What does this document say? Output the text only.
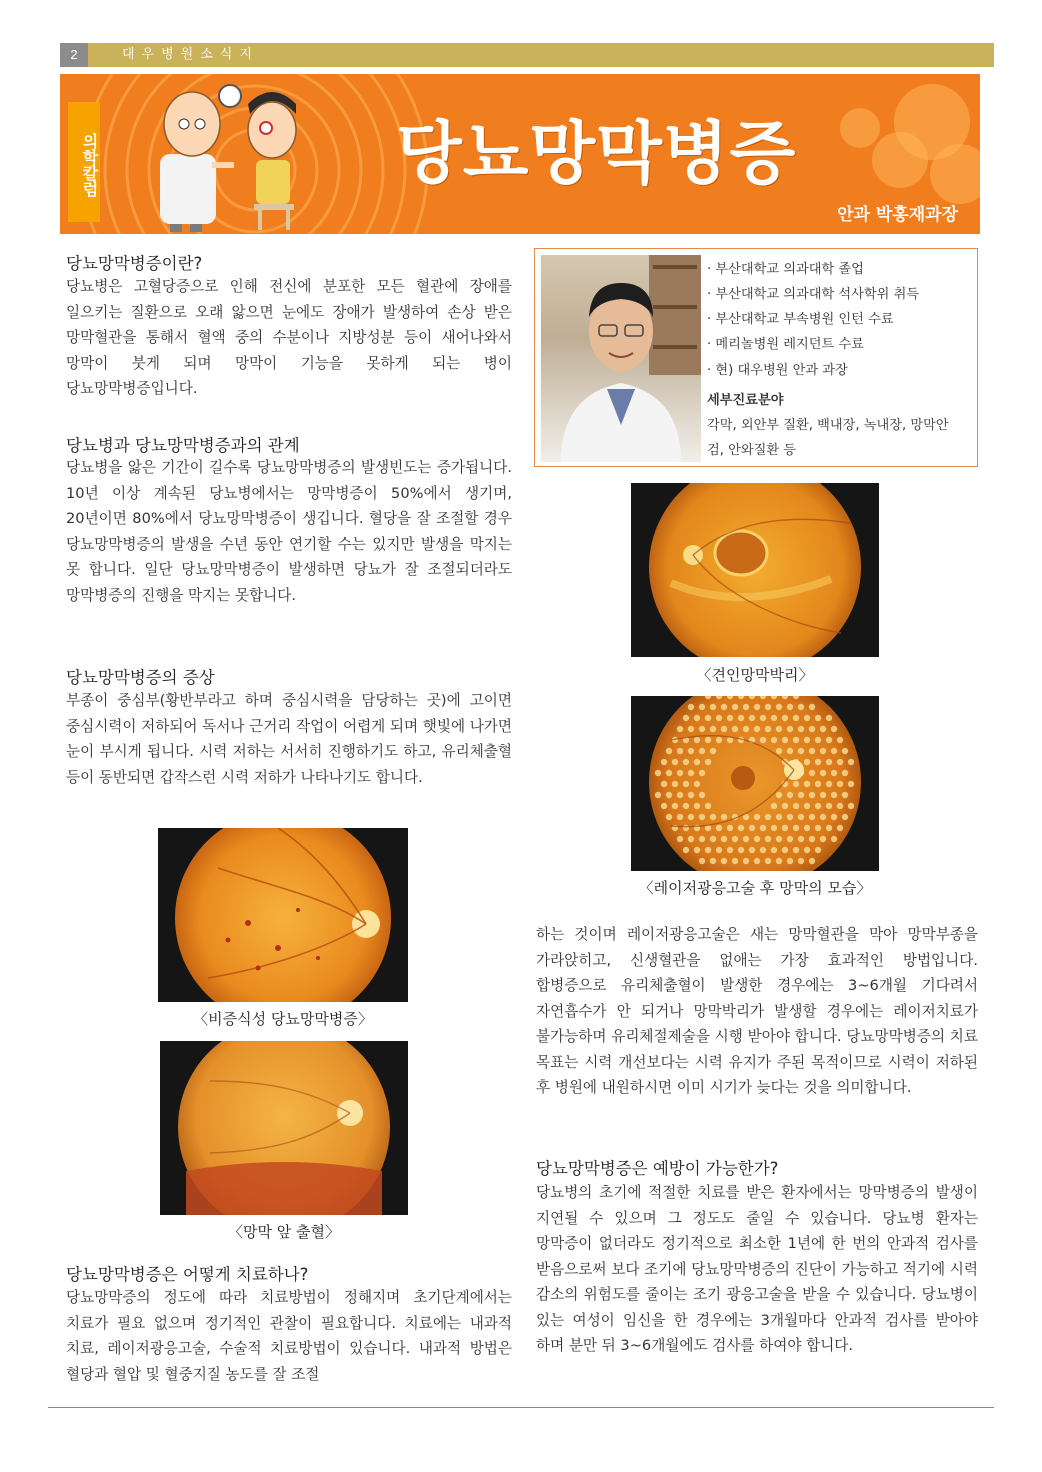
2	대우병원소식지
의학칼럼	당뇨망막병증
안과 박홍재과장
당뇨망막병증이란?
당뇨병은 고혈당증으로 인해 전신에 분포한 모든 혈관에 장애를 일으키는 질환으로 오래 앓으면 눈에도 장애가 발생하여 손상 받은 망막혈관을 통해서 혈액 중의 수분이나 지방성분 등이 새어나와서 망막이 붓게 되며 망막이 기능을 못하게 되는 병이 당뇨망막병증입니다.
당뇨병과 당뇨망막병증과의 관계
당뇨병을 앓은 기간이 길수록 당뇨망막병증의 발생빈도는 증가됩니다. 10년 이상 계속된 당뇨병에서는 망막병증이 50%에서 생기며, 20년이면 80%에서 당뇨망막병증이 생깁니다. 혈당을 잘 조절할 경우 당뇨망막병증의 발생을 수년 동안 연기할 수는 있지만 발생을 막지는 못 합니다. 일단 당뇨망막병증이 발생하면 당뇨가 잘 조절되더라도 망막병증의 진행을 막지는 못합니다.
당뇨망막병증의 증상
부종이 중심부(황반부라고 하며 중심시력을 담당하는 곳)에 고이면 중심시력이 저하되어 독서나 근거리 작업이 어렵게 되며 햇빛에 나가면 눈이 부시게 됩니다. 시력 저하는 서서히 진행하기도 하고, 유리체출혈 등이 동반되면 갑작스런 시력 저하가 나타나기도 합니다.
〈비증식성 당뇨망막병증〉
〈망막 앞 출혈〉
당뇨망막병증은 어떻게 치료하나?
당뇨망막증의 정도에 따라 치료방법이 정해지며 초기단계에서는 치료가 필요 없으며 정기적인 관찰이 필요합니다. 치료에는 내과적 치료, 레이저광응고술, 수술적 치료방법이 있습니다. 내과적 방법은 혈당과 혈압 및 혈중지질 농도를 잘 조절
· 부산대학교 의과대학 졸업
· 부산대학교 의과대학 석사학위 취득
· 부산대학교 부속병원 인턴 수료
· 메리놀병원 레지던트 수료
· 현) 대우병원 안과 과장
세부진료분야
각막, 외안부 질환, 백내장, 녹내장, 망막안검, 안와질환 등
〈견인망막박리〉
〈레이저광응고술 후 망막의 모습〉
하는 것이며 레이저광응고술은 새는 망막혈관을 막아 망막부종을 가라앉히고, 신생혈관을 없애는 가장 효과적인 방법입니다. 합병증으로 유리체출혈이 발생한 경우에는 3~6개월 기다려서 자연흡수가 안 되거나 망막박리가 발생할 경우에는 레이저치료가 불가능하며 유리체절제술을 시행 받아야 합니다. 당뇨망막병증의 치료 목표는 시력 개선보다는 시력 유지가 주된 목적이므로 시력이 저하된 후 병원에 내원하시면 이미 시기가 늦다는 것을 의미합니다.
당뇨망막병증은 예방이 가능한가?
당뇨병의 초기에 적절한 치료를 받은 환자에서는 망막병증의 발생이 지연될 수 있으며 그 정도도 줄일 수 있습니다. 당뇨병 환자는 망막증이 없더라도 정기적으로 최소한 1년에 한 번의 안과적 검사를 받음으로써 보다 조기에 당뇨망막병증의 진단이 가능하고 적기에 시력 감소의 위험도를 줄이는 조기 광응고술을 받을 수 있습니다. 당뇨병이 있는 여성이 임신을 한 경우에는 3개월마다 안과적 검사를 받아야 하며 분만 뒤 3~6개월에도 검사를 하여야 합니다.
